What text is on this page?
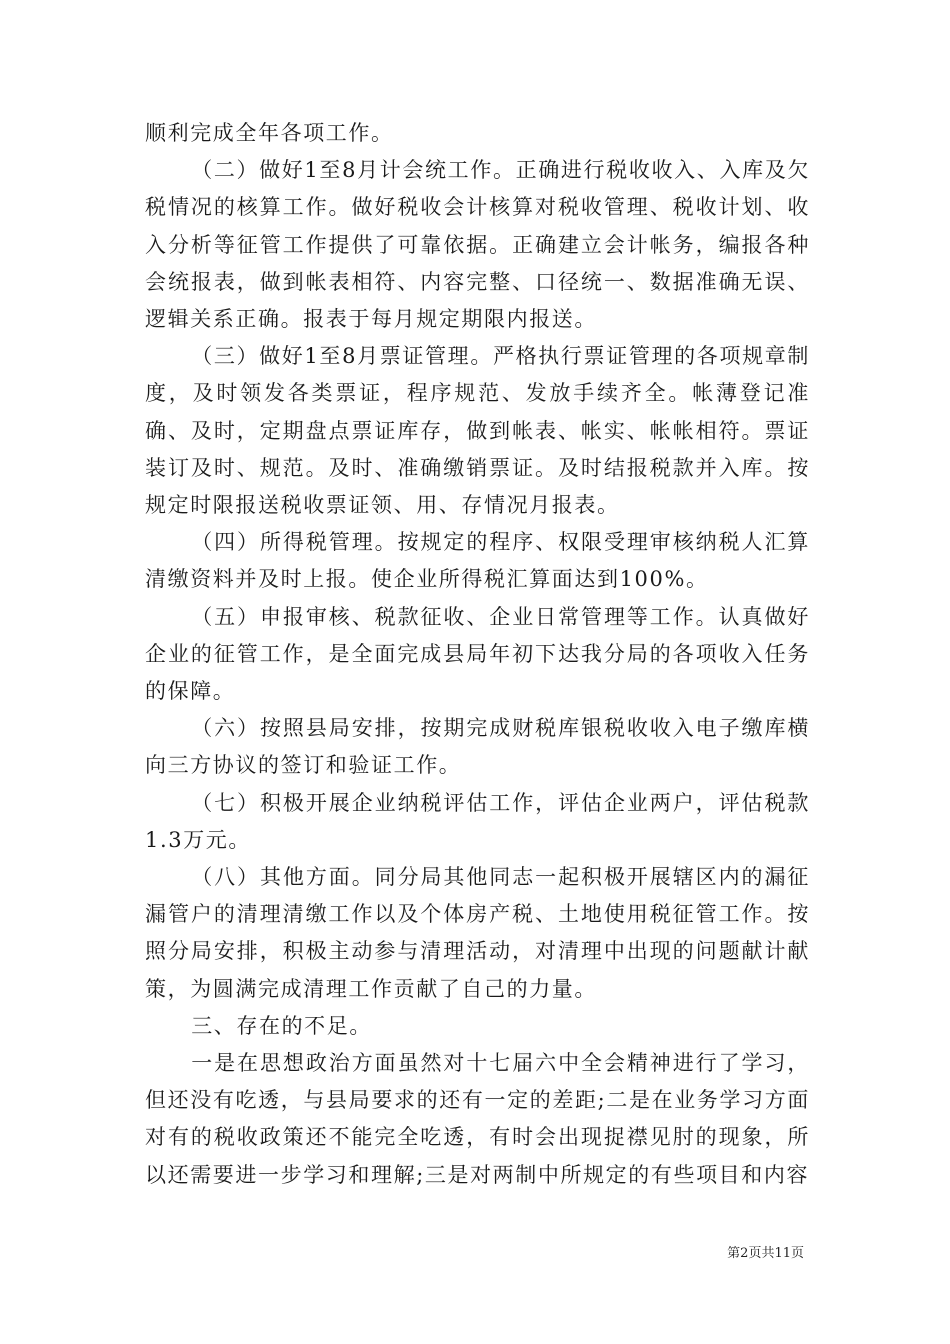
顺利完成全年各项工作。

（二）做好1至8月计会统工作。正确进行税收收入、入库及欠税情况的核算工作。做好税收会计核算对税收管理、税收计划、收入分析等征管工作提供了可靠依据。正确建立会计帐务，编报各种会统报表，做到帐表相符、内容完整、口径统一、数据准确无误、逻辑关系正确。报表于每月规定期限内报送。

（三）做好1至8月票证管理。严格执行票证管理的各项规章制度，及时领发各类票证，程序规范、发放手续齐全。帐薄登记准确、及时，定期盘点票证库存，做到帐表、帐实、帐帐相符。票证装订及时、规范。及时、准确缴销票证。及时结报税款并入库。按规定时限报送税收票证领、用、存情况月报表。

（四）所得税管理。按规定的程序、权限受理审核纳税人汇算清缴资料并及时上报。使企业所得税汇算面达到100%。

（五）申报审核、税款征收、企业日常管理等工作。认真做好企业的征管工作，是全面完成县局年初下达我分局的各项收入任务的保障。

（六）按照县局安排，按期完成财税库银税收收入电子缴库横向三方协议的签订和验证工作。

（七）积极开展企业纳税评估工作，评估企业两户，评估税款1.3万元。

（八）其他方面。同分局其他同志一起积极开展辖区内的漏征漏管户的清理清缴工作以及个体房产税、土地使用税征管工作。按照分局安排，积极主动参与清理活动，对清理中出现的问题献计献策，为圆满完成清理工作贡献了自己的力量。

三、存在的不足。

一是在思想政治方面虽然对十七届六中全会精神进行了学习，但还没有吃透，与县局要求的还有一定的差距;二是在业务学习方面对有的税收政策还不能完全吃透，有时会出现捉襟见肘的现象，所以还需要进一步学习和理解;三是对两制中所规定的有些项目和内容

第2页共11页
